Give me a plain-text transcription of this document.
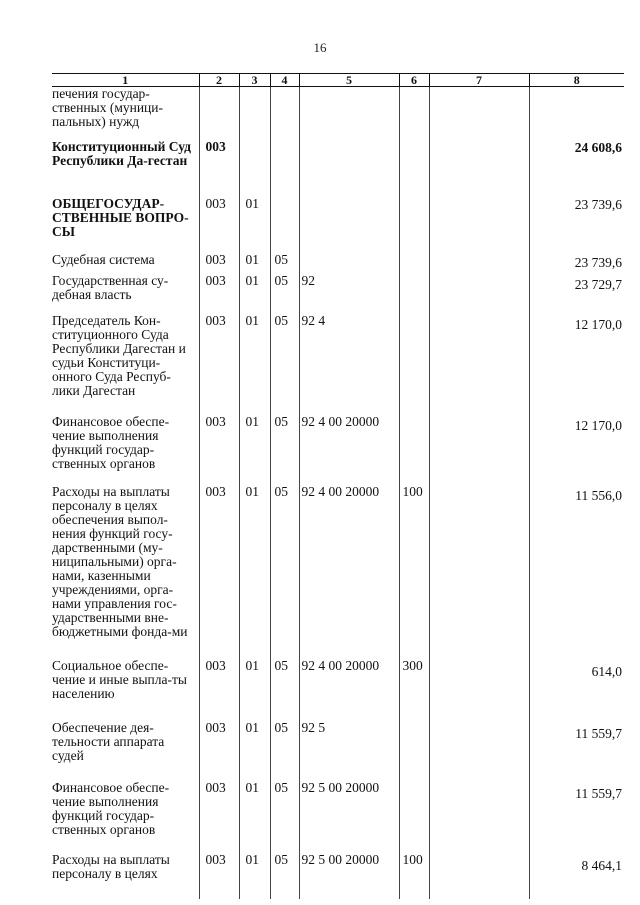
16
1	2	3	4	5	6	7	8
печения государ-ственных (муници-пальных) нужд							
Конституционный Суд Республики Да-гестан	003						24 608,6
ОБЩЕГОСУДАР-СТВЕННЫЕ ВОПРО-СЫ	003	01					23 739,6
Судебная система	003	01	05				23 739,6
Государственная су-дебная власть	003	01	05	92			23 729,7
Председатель Кон-ституционного Суда Республики Дагестан и судьи Конституци-онного Суда Респуб-лики Дагестан	003	01	05	92 4			12 170,0
Финансовое обеспе-чение выполнения функций государ-ственных органов	003	01	05	92 4 00 20000			12 170,0
Расходы на выплаты персоналу в целях обеспечения выпол-нения функций госу-дарственными (му-ниципальными) орга-нами, казенными учреждениями, орга-нами управления гос-ударственными вне-бюджетными фонда-ми	003	01	05	92 4 00 20000	100		11 556,0
Социальное обеспе-чение и иные выпла-ты населению	003	01	05	92 4 00 20000	300		614,0
Обеспечение дея-тельности аппарата судей	003	01	05	92 5			11 559,7
Финансовое обеспе-чение выполнения функций государ-ственных органов	003	01	05	92 5 00 20000			11 559,7
Расходы на выплаты персоналу в целях	003	01	05	92 5 00 20000	100		8 464,1
